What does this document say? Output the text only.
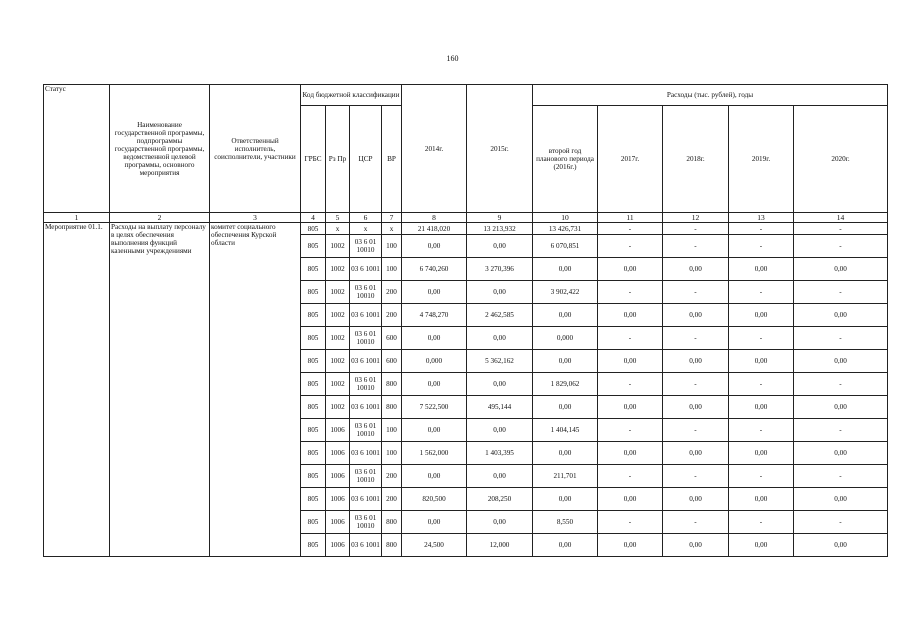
160
Статус	Наименование государственной программы, подпрограммы государственной программы, ведомственной целевой программы, основного мероприятия	Ответственный исполнитель, соисполнители, участники	Код бюджетной классификации				2014г.	2015г.	Расходы (тыс. рублей), годы				
			ГРБС	Рз Пр	ЦСР	ВР			второй год планового периода (2016г.)	2017г.	2018г.	2019г.	2020г.
1	2	3	4	5	6	7	8	9	10	11	12	13	14
Мероприятие 01.1.	Расходы на выплату персоналу в целях обеспечения выполнения функций казенными учреждениями	комитет социального обеспечения Курской области	805	х	х	х	21 418,020	13 213,932	13 426,731	-	-	-	-
			805	1002	03 6 01 10010	100	0,00	0,00	6 070,851	-	-	-	-
			805	1002	03 6 1001	100	6 740,260	3 270,396	0,00	0,00	0,00	0,00	0,00
			805	1002	03 6 01 10010	200	0,00	0,00	3 902,422	-	-	-	-
			805	1002	03 6 1001	200	4 748,270	2 462,585	0,00	0,00	0,00	0,00	0,00
			805	1002	03 6 01 10010	600	0,00	0,00	0,000	-	-	-	-
			805	1002	03 6 1001	600	0,000	5 362,162	0,00	0,00	0,00	0,00	0,00
			805	1002	03 6 01 10010	800	0,00	0,00	1 829,062	-	-	-	-
			805	1002	03 6 1001	800	7 522,500	495,144	0,00	0,00	0,00	0,00	0,00
			805	1006	03 6 01 10010	100	0,00	0,00	1 404,145	-	-	-	-
			805	1006	03 6 1001	100	1 562,000	1 403,395	0,00	0,00	0,00	0,00	0,00
			805	1006	03 6 01 10010	200	0,00	0,00	211,701	-	-	-	-
			805	1006	03 6 1001	200	820,500	208,250	0,00	0,00	0,00	0,00	0,00
			805	1006	03 6 01 10010	800	0,00	0,00	8,550	-	-	-	-
			805	1006	03 6 1001	800	24,500	12,000	0,00	0,00	0,00	0,00	0,00
